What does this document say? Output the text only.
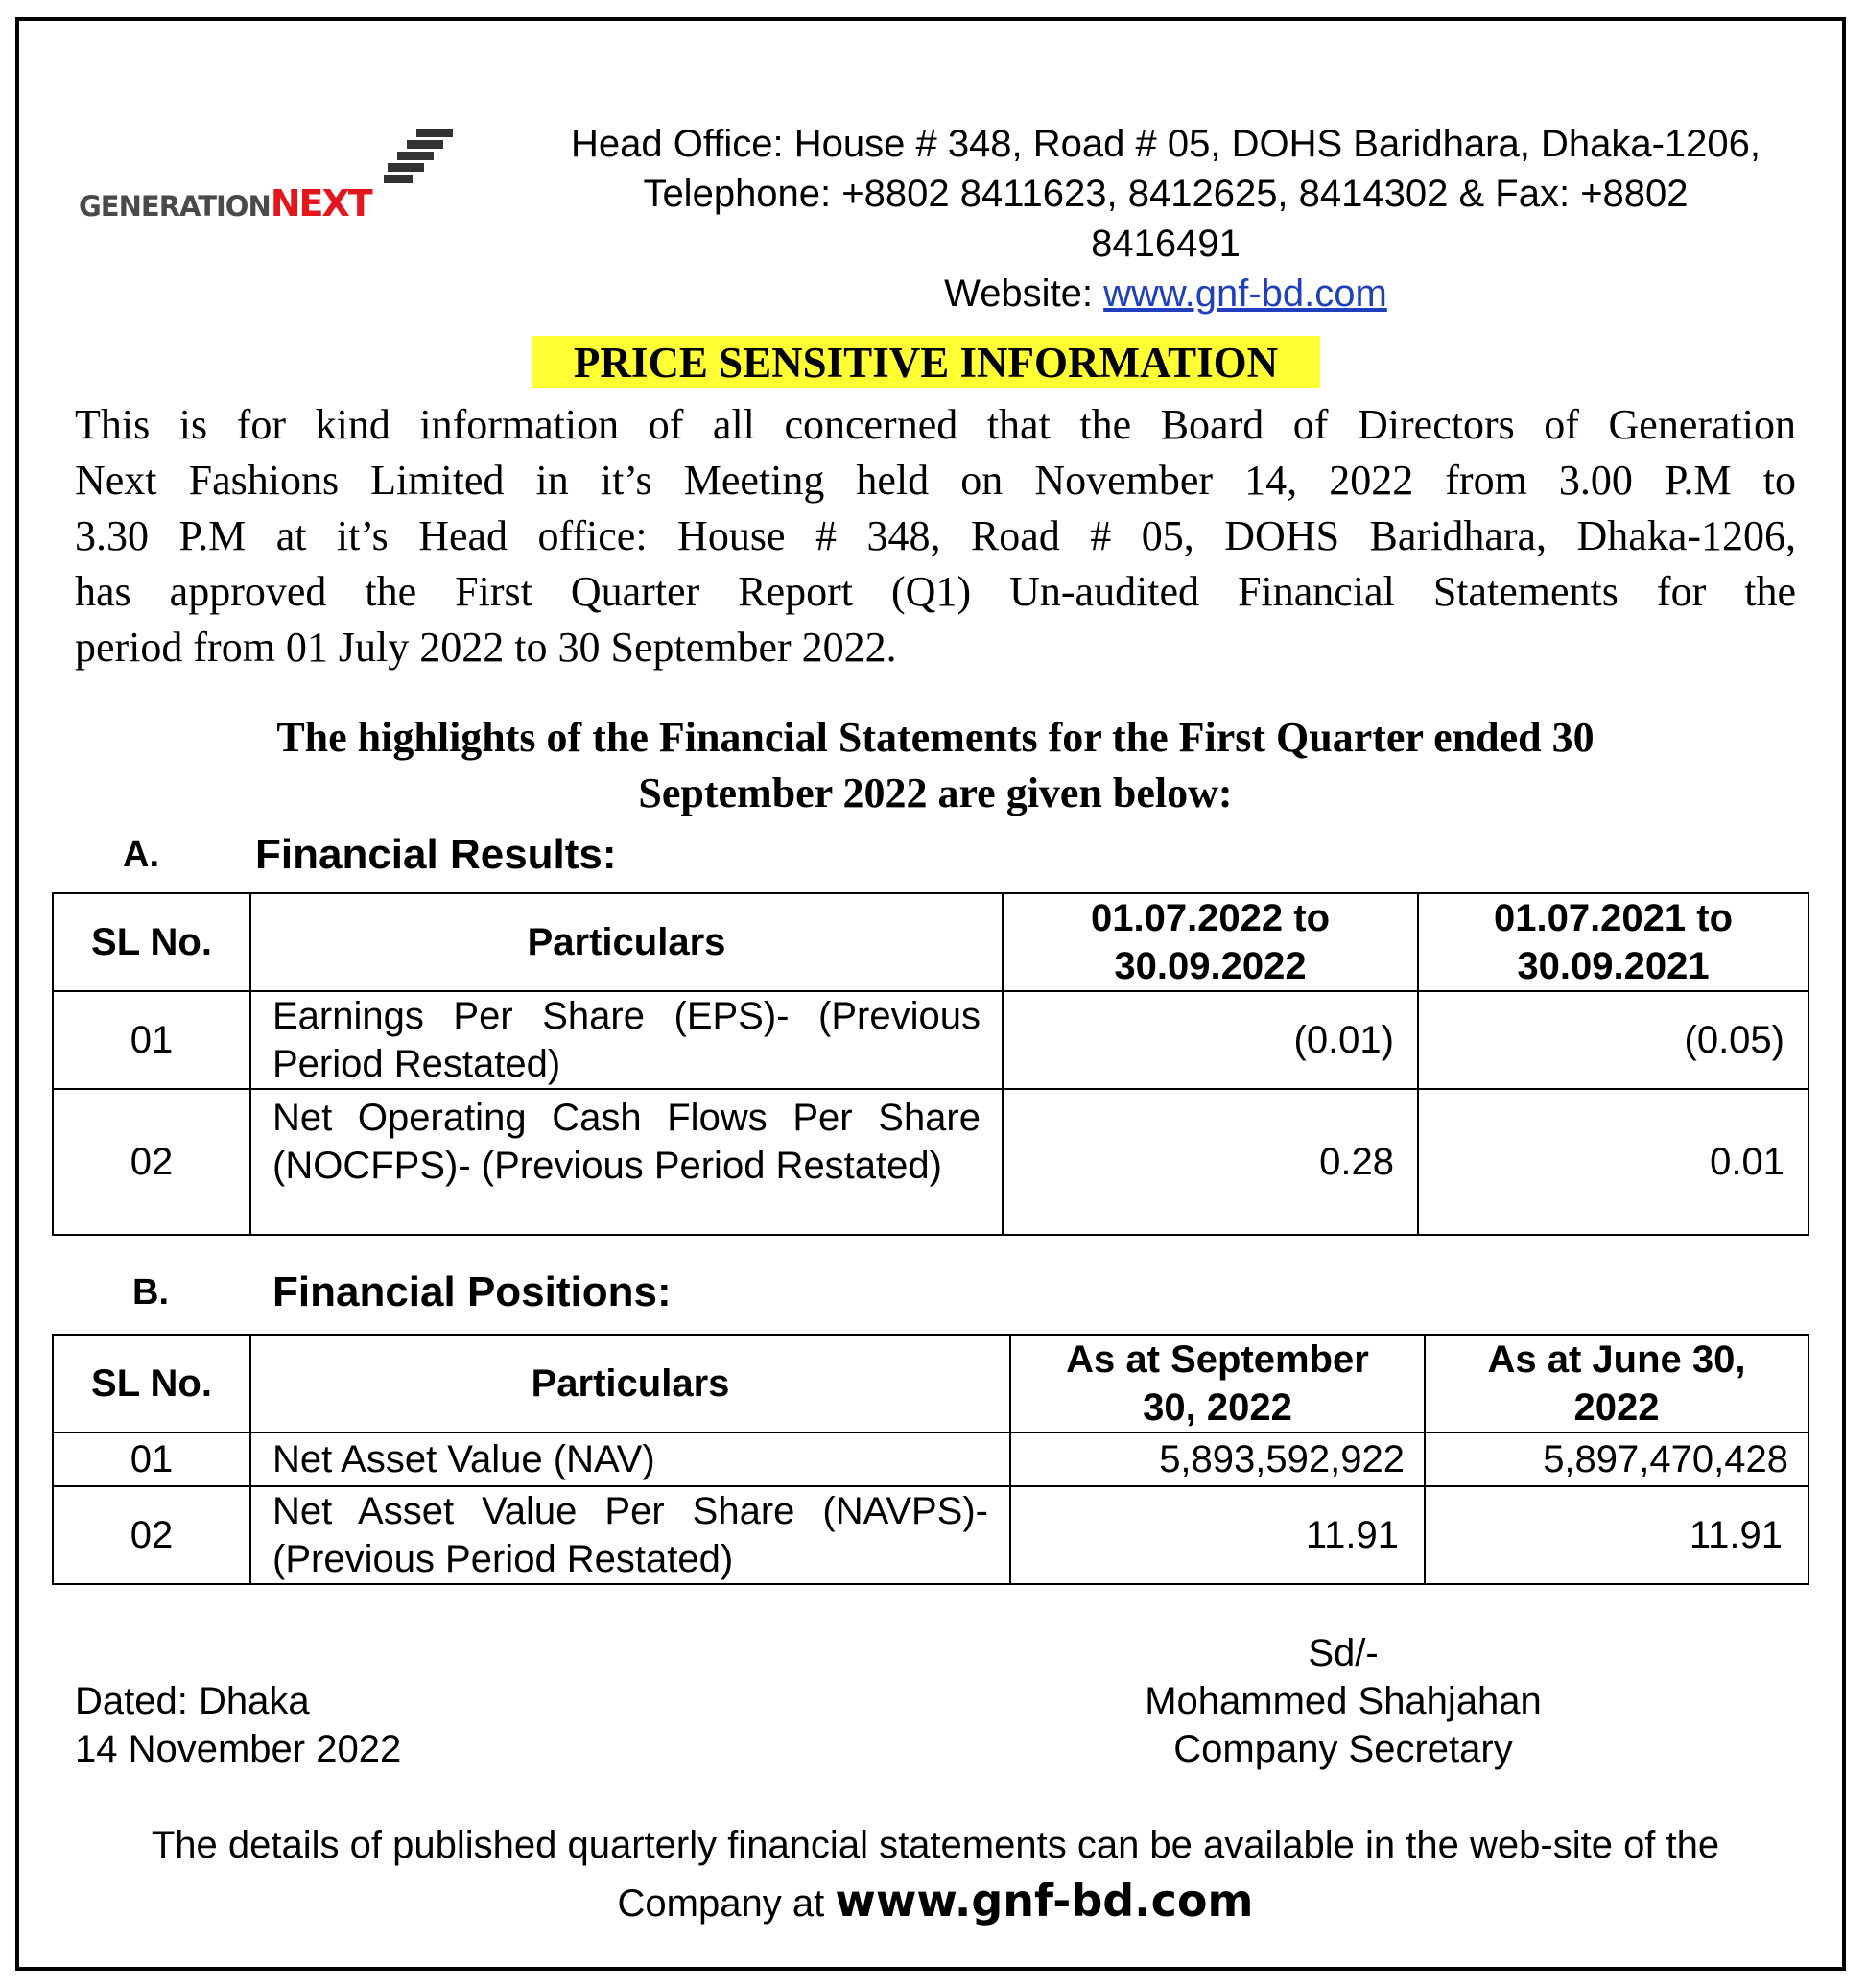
GENERATIONNEXT
Head Office: House # 348, Road # 05, DOHS Baridhara, Dhaka-1206,
Telephone: +8802 8411623, 8412625, 8414302 & Fax: +8802
8416491
Website: www.gnf-bd.com
PRICE SENSITIVE INFORMATION
This is for kind information of all concerned that the Board of Directors of Generation
Next Fashions Limited in it’s Meeting held on November 14, 2022 from 3.00 P.M to
3.30 P.M at it’s Head office: House # 348, Road # 05, DOHS Baridhara, Dhaka-1206,
has approved the First Quarter Report (Q1) Un-audited Financial Statements for the
period from 01 July 2022 to 30 September 2022.
The highlights of the Financial Statements for the First Quarter ended 30
September 2022 are given below:
A. Financial Results:
SL No.	Particulars	01.07.2022 to 30.09.2022	01.07.2021 to 30.09.2021
01	Earnings Per Share (EPS)- (Previous Period Restated)	(0.01)	(0.05)
02	Net Operating Cash Flows Per Share (NOCFPS)- (Previous Period Restated)	0.28	0.01
B. Financial Positions:
SL No.	Particulars	As at September 30, 2022	As at June 30, 2022
01	Net Asset Value (NAV)	5,893,592,922	5,897,470,428
02	Net Asset Value Per Share (NAVPS)- (Previous Period Restated)	11.91	11.91
Dated: Dhaka
14 November 2022
Sd/-
Mohammed Shahjahan
Company Secretary
The details of published quarterly financial statements can be available in the web-site of the
Company at www.gnf-bd.com
